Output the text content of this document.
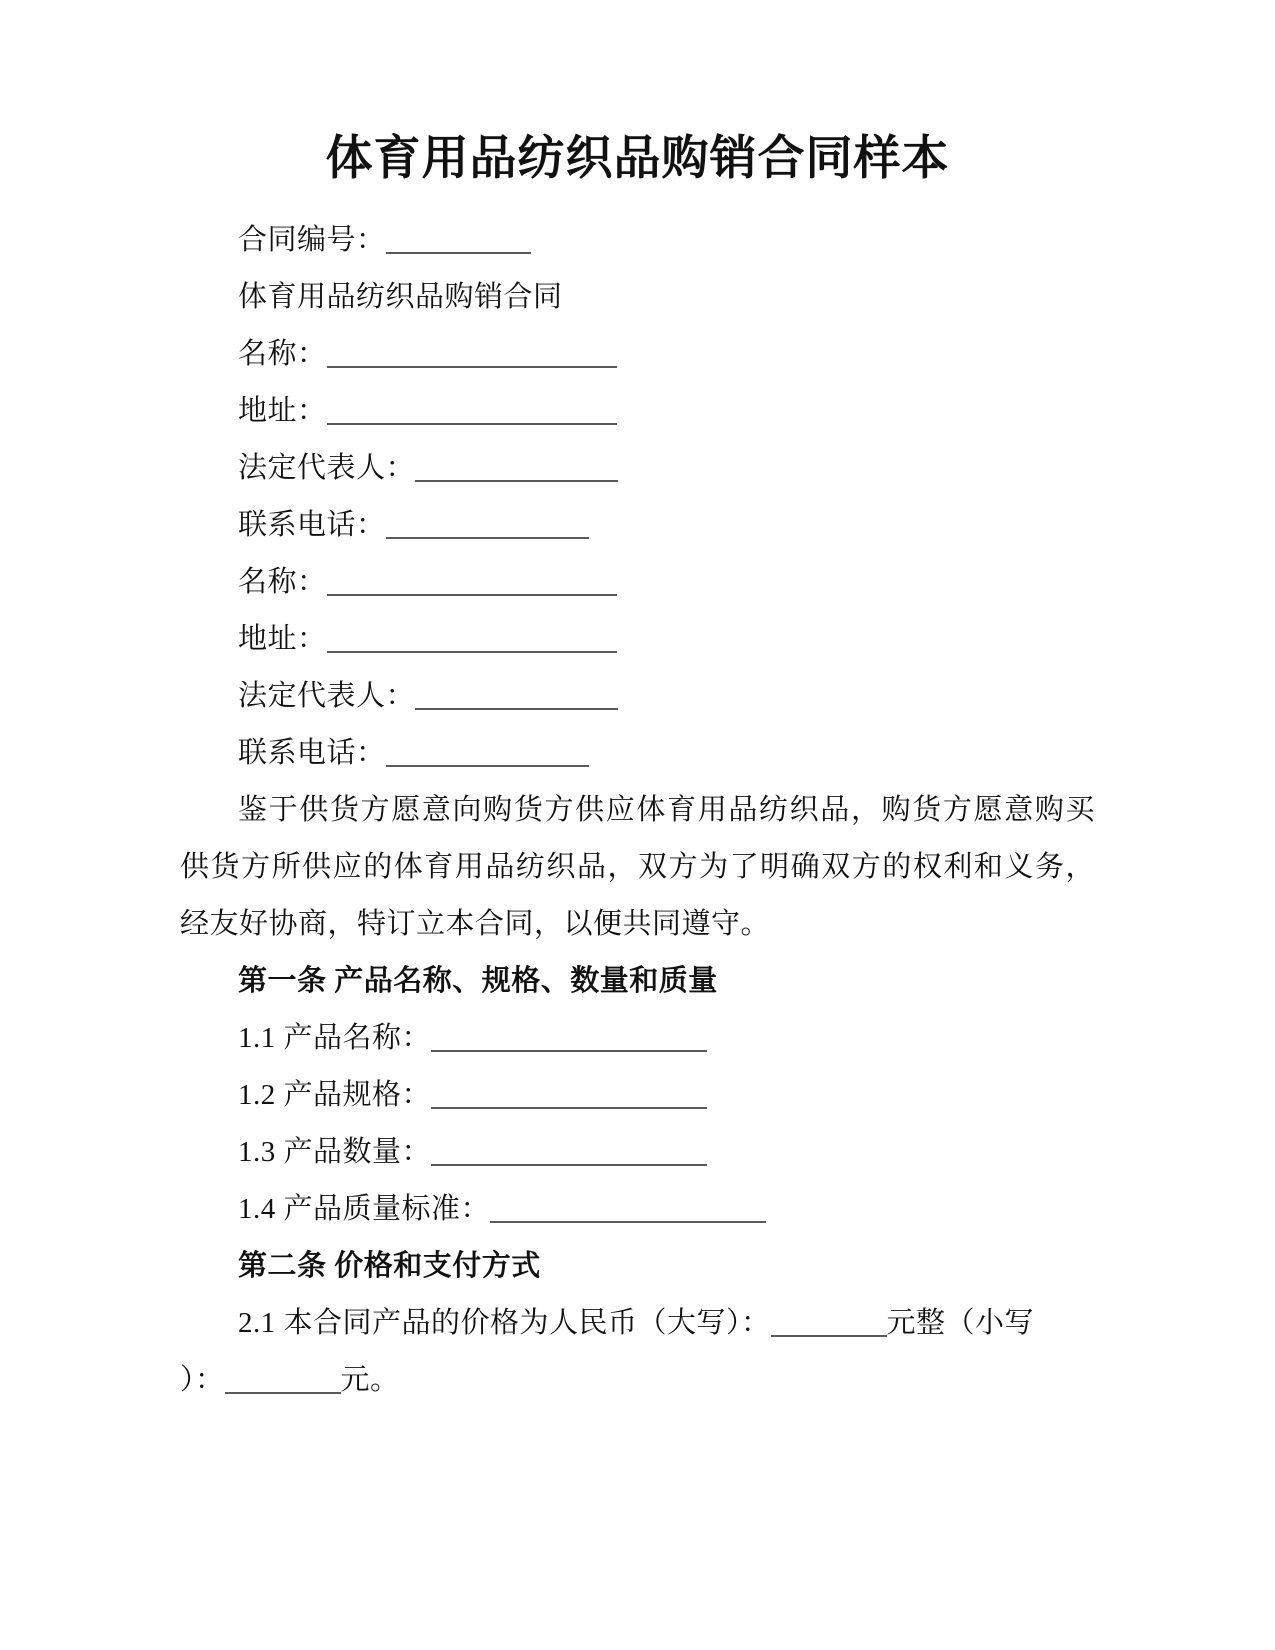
体育用品纺织品购销合同样本

合同编号：

体育用品纺织品购销合同

名称：

地址：

法定代表人：

联系电话：

名称：

地址：

法定代表人：

联系电话：

鉴于供货方愿意向购货方供应体育用品纺织品，购货方愿意购买

供货方所供应的体育用品纺织品，双方为了明确双方的权利和义务，

经友好协商，特订立本合同，以便共同遵守。

第一条 产品名称、规格、数量和质量

1.1 产品名称：

1.2 产品规格：

1.3 产品数量：

1.4 产品质量标准：

第二条 价格和支付方式

2.1 本合同产品的价格为人民币（大写）：	元整（小写

）：	元。
